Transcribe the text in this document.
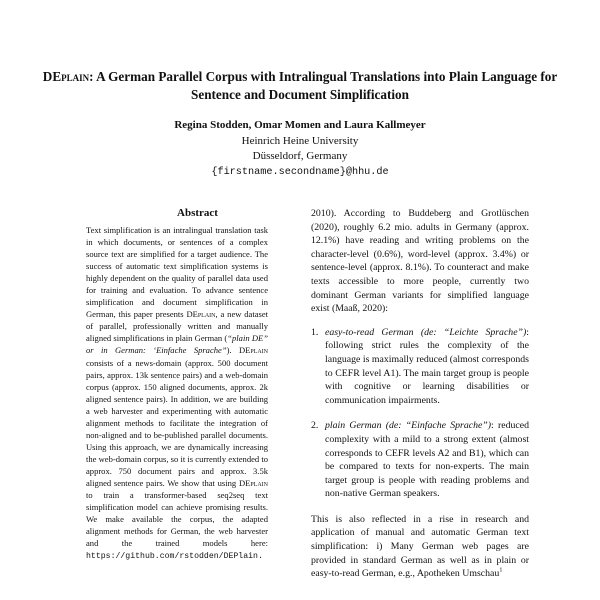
DEplain: A German Parallel Corpus with Intralingual Translations into Plain Language for Sentence and Document Simplification
Regina Stodden, Omar Momen and Laura Kallmeyer
Heinrich Heine University
Düsseldorf, Germany
{firstname.secondname}@hhu.de
Abstract
Text simplification is an intralingual translation task in which documents, or sentences of a complex source text are simplified for a target audience. The success of automatic text simplification systems is highly dependent on the quality of parallel data used for training and evaluation. To advance sentence simplification and document simplification in German, this paper presents DEplain, a new dataset of parallel, professionally written and manually aligned simplifications in plain German (“plain DE” or in German: ‘Einfache Sprache”). DEplain consists of a news-domain (approx. 500 document pairs, approx. 13k sentence pairs) and a web-domain corpus (approx. 150 aligned documents, approx. 2k aligned sentence pairs). In addition, we are building a web harvester and experimenting with automatic alignment methods to facilitate the integration of non-aligned and to be-published parallel documents. Using this approach, we are dynamically increasing the web-domain corpus, so it is currently extended to approx. 750 document pairs and approx. 3.5k aligned sentence pairs. We show that using DEplain to train a transformer-based seq2seq text simplification model can achieve promising results. We make available the corpus, the adapted alignment methods for German, the web harvester and the trained models here: https://github.com/rstodden/DEPlain.

2010). According to Buddeberg and Grotlüschen (2020), roughly 6.2 mio. adults in Germany (approx. 12.1%) have reading and writing problems on the character-level (0.6%), word-level (approx. 3.4%) or sentence-level (approx. 8.1%). To counteract and make texts accessible to more people, currently two dominant German variants for simplified language exist (Maaß, 2020):

1. easy-to-read German (de: “Leichte Sprache”): following strict rules the complexity of the language is maximally reduced (almost corresponds to CEFR level A1). The main target group is people with cognitive or learning disabilities or communication impairments.
2. plain German (de: “Einfache Sprache”): reduced complexity with a mild to a strong extent (almost corresponds to CEFR levels A2 and B1), which can be compared to texts for non-experts. The main target group is people with reading problems and non-native German speakers.

This is also reflected in a rise in research and application of manual and automatic German text simplification: i) Many German web pages are provided in standard German as well as in plain or easy-to-read German, e.g., Apotheken Umschau$^1$
